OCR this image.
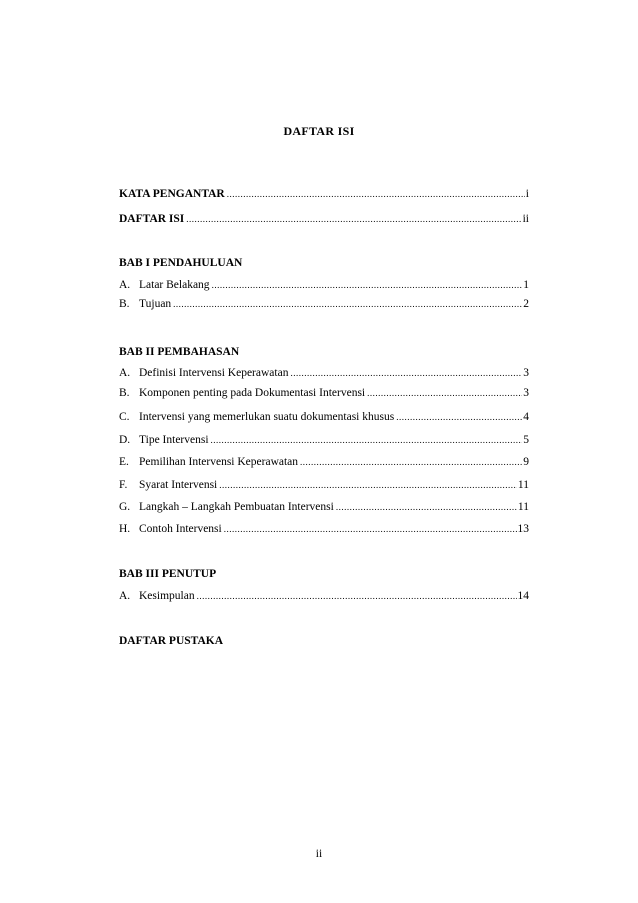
DAFTAR ISI
KATA PENGANTAR .....	i
DAFTAR ISI .....	ii
BAB I PENDAHULUAN
A. Latar Belakang .....	1
B. Tujuan .....	2
BAB II PEMBAHASAN
A. Definisi Intervensi Keperawatan .....	3
B. Komponen penting pada Dokumentasi Intervensi .....	3
C. Intervensi yang memerlukan suatu dokumentasi khusus .....	4
D. Tipe Intervensi .....	5
E. Pemilihan Intervensi Keperawatan .....	9
F.	Syarat Intervensi .....	11
G. Langkah – Langkah Pembuatan Intervensi .....	11
H. Contoh Intervensi .....	13
BAB III PENUTUP
A. Kesimpulan .....	14
DAFTAR PUSTAKA
ii
